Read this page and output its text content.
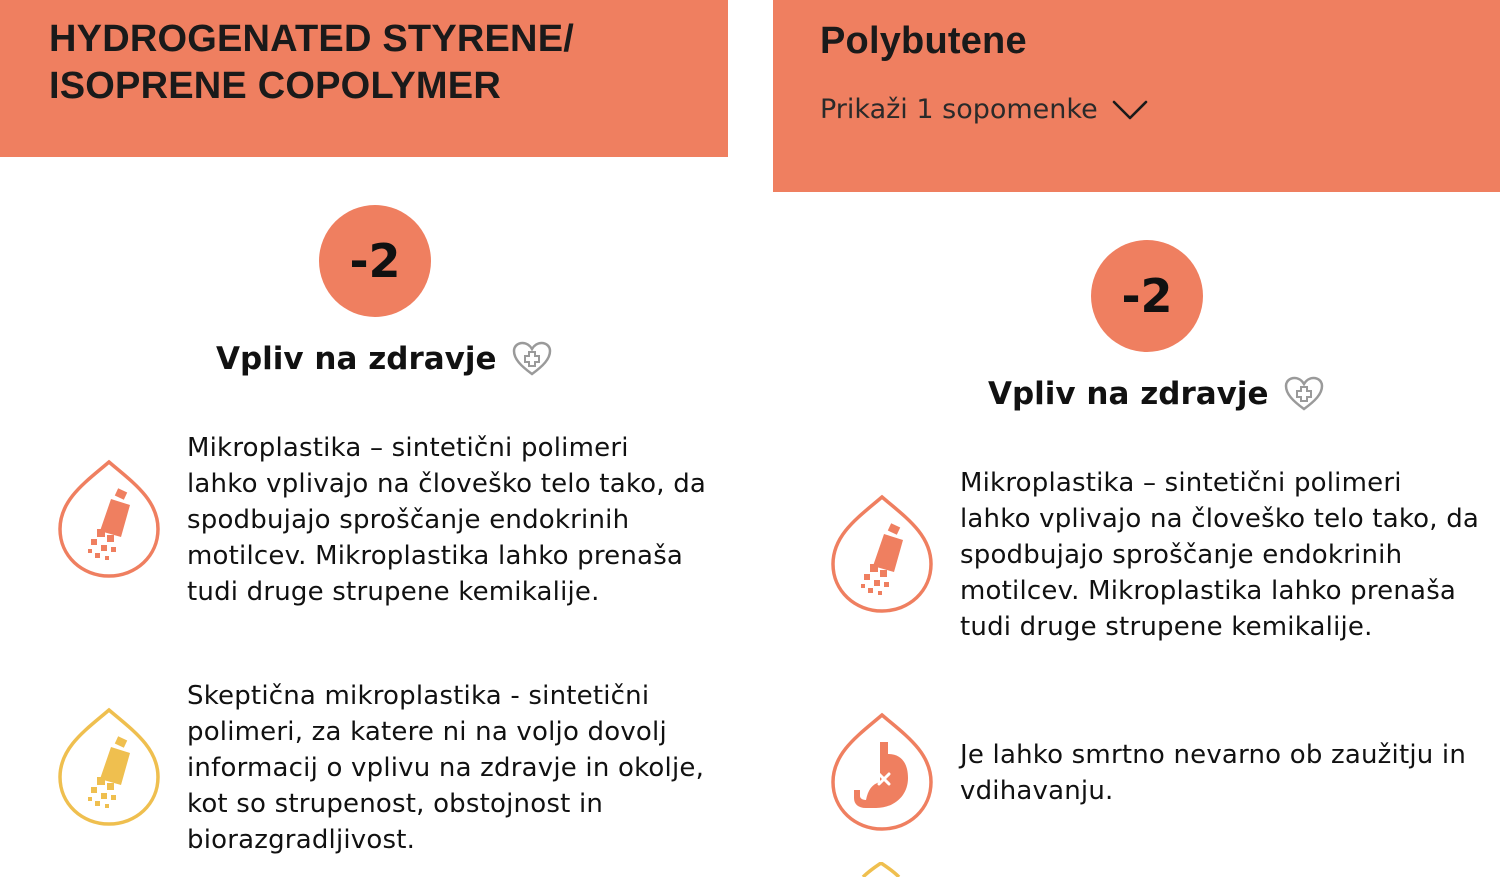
HYDROGENATED STYRENE/
ISOPRENE COPOLYMER
-2
Vpliv na zdravje
Mikroplastika – sintetični polimeri lahko vplivajo na človeško telo tako, da spodbujajo sproščanje endokrinih motilcev. Mikroplastika lahko prenaša tudi druge strupene kemikalije.
Skeptična mikroplastika - sintetični polimeri, za katere ni na voljo dovolj informacij o vplivu na zdravje in okolje, kot so strupenost, obstojnost in biorazgradljivost.
Polybutene
Prikaži 1 sopomenke
-2
Vpliv na zdravje
Mikroplastika – sintetični polimeri lahko vplivajo na človeško telo tako, da spodbujajo sproščanje endokrinih motilcev. Mikroplastika lahko prenaša tudi druge strupene kemikalije.
Je lahko smrtno nevarno ob zaužitju in vdihavanju.
